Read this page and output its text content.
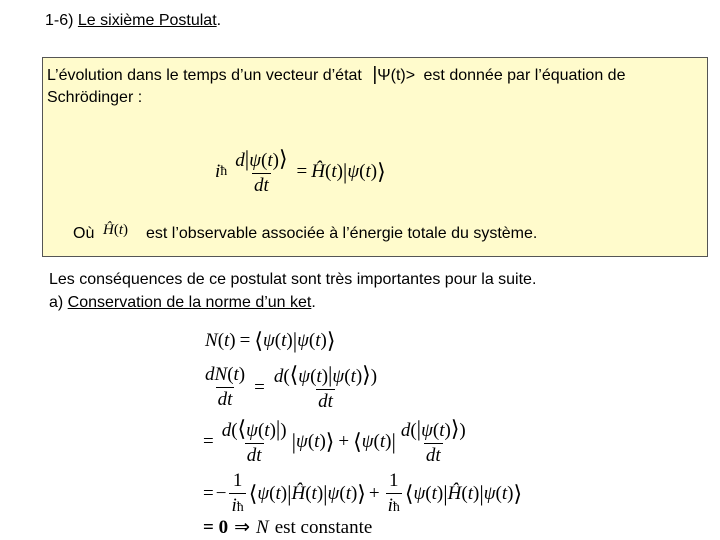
1-6) Le sixième Postulat.
L’évolution dans le temps d’un vecteur d’état |Ψ(t)> est donnée par l’équation de
Schrödinger :
i ħ $\frac{d|\psi(t)⟩}{dt}$ = Ĥ ( t ) | ψ ( t ) ⟩
Où Ĥ(t) est l’observable associée à l’énergie totale du système.
Les conséquences de ce postulat sont très importantes pour la suite.
a) Conservation de la norme d’un ket.
N ( t ) = ⟨ ψ ( t ) | ψ ( t ) ⟩
$\frac{dN(t)}{dt} = \frac{d(⟨\psi(t)|\psi(t)⟩)}{dt}$
= $\frac{d(⟨\psi(t)|)}{dt}$ | ψ ( t ) ⟩ + ⟨ ψ ( t ) | $\frac{d(|\psi(t)⟩)}{dt}$
= − $\frac{1}{iħ}$ ⟨ ψ ( t ) | Ĥ ( t ) | ψ ( t ) ⟩ + $\frac{1}{iħ}$ ⟨ ψ ( t ) | Ĥ ( t ) | ψ ( t ) ⟩
= 0 ⇒ N est constante
